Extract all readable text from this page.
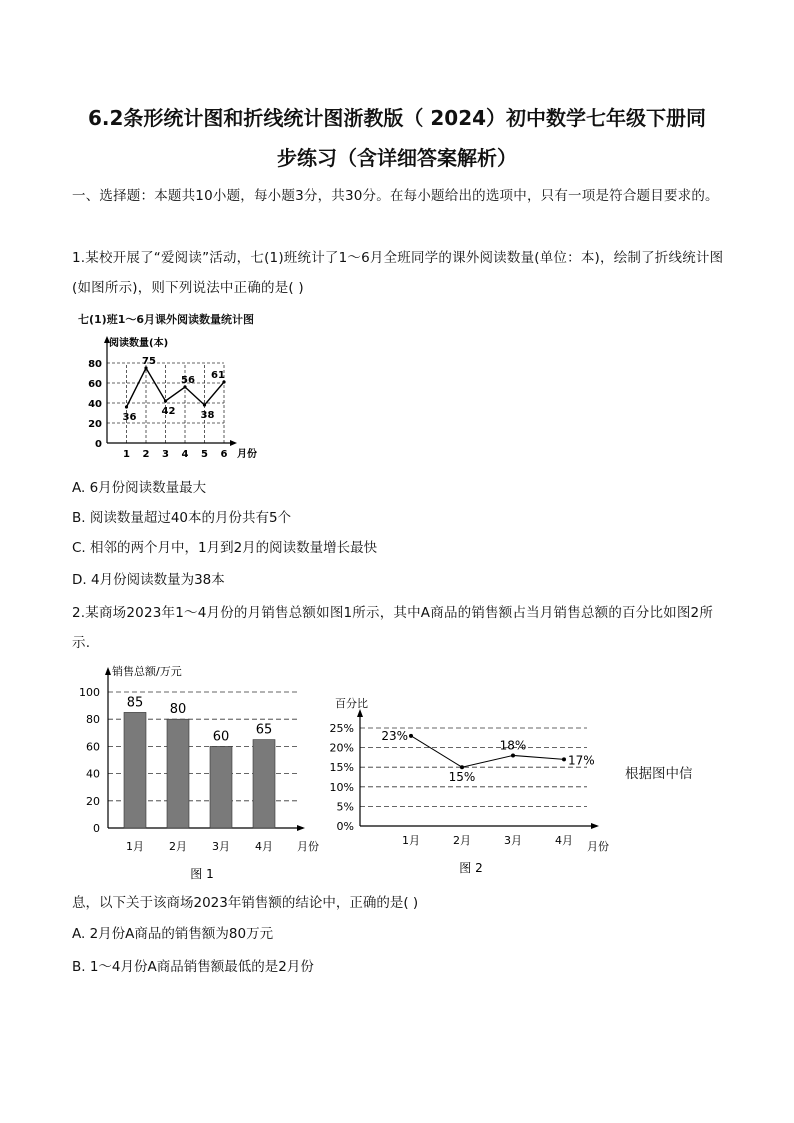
6.2条形统计图和折线统计图浙教版（ 2024）初中数学七年级下册同
步练习（含详细答案解析）
一、选择题：本题共10小题，每小题3分，共30分。在每小题给出的选项中，只有一项是符合题目要求的。
1.某校开展了“爱阅读”活动，七(1)班统计了1～6月全班同学的课外阅读数量(单位：本)，绘制了折线统计图(如图所示)，则下列说法中正确的是( )
七(1)班1～6月课外阅读数量统计图
0
20
40
60
80
1 2 3 4 5 6
阅读数量(本)
月份
36
75
42
56
38
61
A. 6月份阅读数量最大
B. 阅读数量超过40本的月份共有5个
C. 相邻的两个月中，1月到2月的阅读数量增长最快
D. 4月份阅读数量为38本
2.某商场2023年1～4月份的月销售总额如图1所示，其中A商品的销售额占当月销售总额的百分比如图2所示.
0
20
40
60
80
100
销售总额/万元
月份
85
1月
80
2月
60
3月
65
4月
图 1
0%
5%
10%
15%
20%
25%
百分比
月份
23%
1月
15%
2月
18%
3月
17%
4月
图 2
根据图中信
息，以下关于该商场2023年销售额的结论中，正确的是( )
A. 2月份A商品的销售额为80万元
B. 1～4月份A商品销售额最低的是2月份
